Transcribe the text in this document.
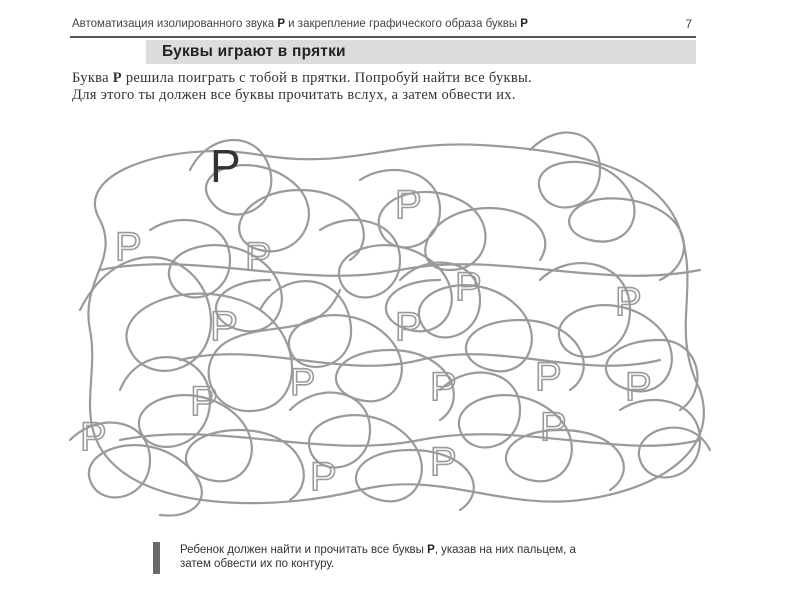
Автоматизация изолированного звука Р и закрепление графического образа буквы Р	7
Буквы играют в прятки

Буква Р решила поиграть с тобой в прятки. Попробуй найти все буквы.

Для этого ты должен все буквы прочитать вслух, а затем обвести их.

Р
Р	Р
Р
Р	Р
Р	Р
Р
Р	Р Р Р
Р
Р
Р Р

Ребенок должен найти и прочитать все буквы Р, указав на них пальцем, а

затем обвести их по контуру.
